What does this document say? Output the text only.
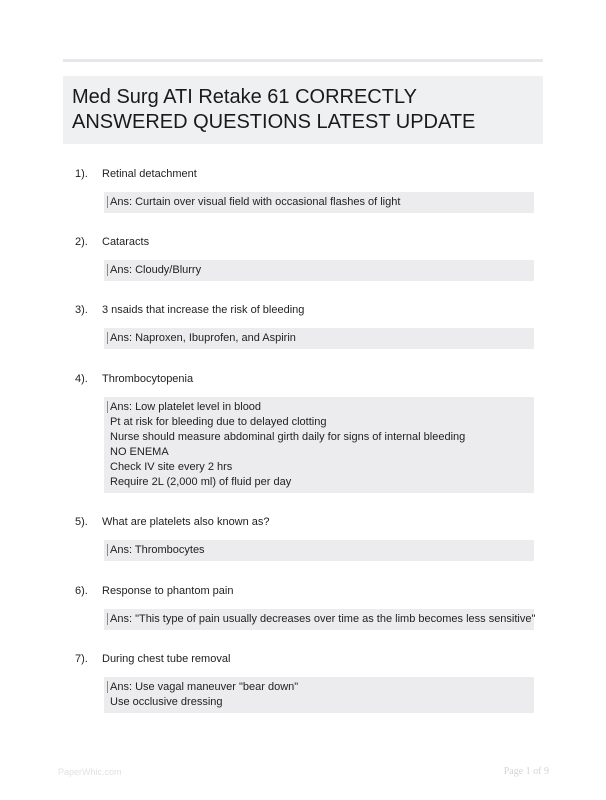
Med Surg ATI Retake 61 CORRECTLY ANSWERED QUESTIONS LATEST UPDATE
1). Retinal detachment
Ans: Curtain over visual field with occasional flashes of light
2). Cataracts
Ans: Cloudy/Blurry
3). 3 nsaids that increase the risk of bleeding
Ans: Naproxen, Ibuprofen, and Aspirin
4). Thrombocytopenia
Ans: Low platelet level in blood
Pt at risk for bleeding due to delayed clotting
Nurse should measure abdominal girth daily for signs of internal bleeding
NO ENEMA
Check IV site every 2 hrs
Require 2L (2,000 ml) of fluid per day
5). What are platelets also known as?
Ans: Thrombocytes
6). Response to phantom pain
Ans: "This type of pain usually decreases over time as the limb becomes less sensitive"
7). During chest tube removal
Ans: Use vagal maneuver "bear down"
Use occlusive dressing
PaperWhic.com	Page 1 of 9
